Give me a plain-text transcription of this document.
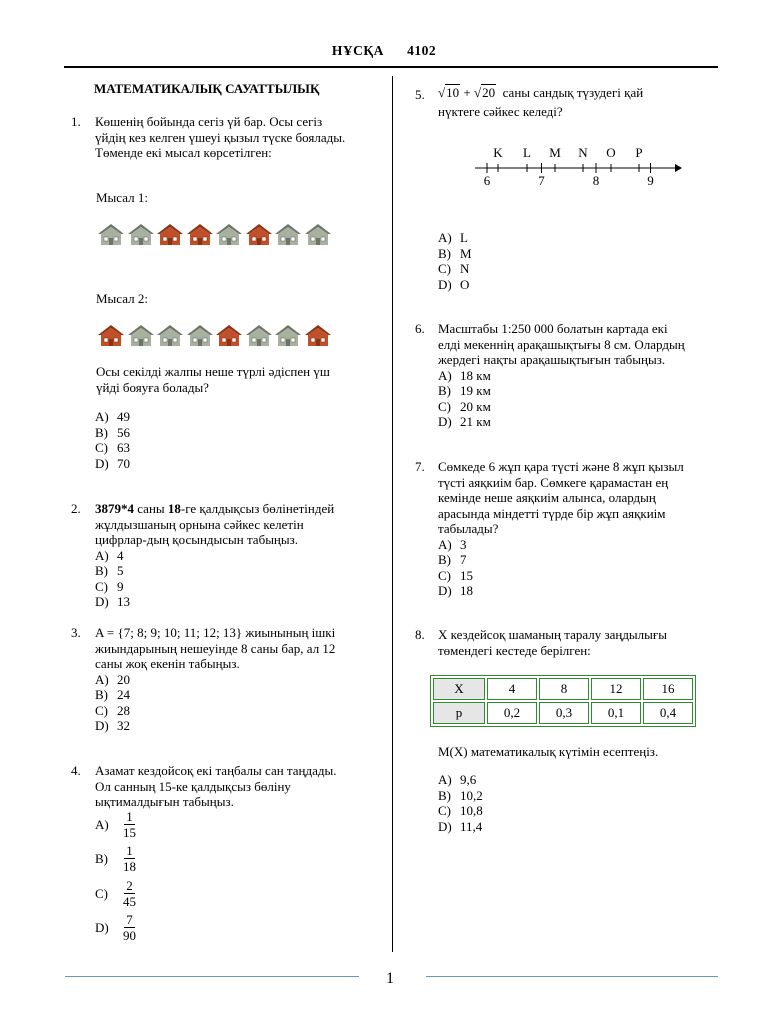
НҰСҚА 4102
МАТЕМАТИКАЛЫҚ САУАТТЫЛЫҚ
1.	Көшенің бойында сегіз үй бар. Осы сегіз
үйдің кез келген үшеуі қызыл түске боялады.
Төменде екі мысал көрсетілген:
Мысал 1:
Мысал 2:
Осы секілді жалпы неше түрлі әдіспен үш
үйді бояуға болады?
A) 49
B) 56
C) 63
D) 70
2.	3879*4 саны 18-ге қалдықсыз бөлінетіндей
жұлдызшаның орнына сәйкес келетін
цифрлар-дың қосындысын табыңыз.
A) 4
B) 5
C) 9
D) 13
3.	A = {7; 8; 9; 10; 11; 12; 13} жиынының ішкі
жиындарының нешеуінде 8 саны бар, ал 12
саны жоқ екенін табыңыз.
A) 20
B) 24
C) 28
D) 32
4.	Азамат кездойсоқ екі таңбалы сан таңдады.
Ол санның 15-ке қалдықсыз бөліну
ықтималдығын табыңыз.
$A) \frac{1}{15}$
$B) \frac{1}{18}$
$C) \frac{2}{45}$
$D) \frac{7}{90}$
5.	√10 + √20 саны сандық түзудегі қай
нүктеге сәйкес келеді?
6	7	8	9
K L M N O P
A) L
B) M
C) N
D) O
6.	Масштабы 1:250 000 болатын картада екі
елді мекеннің арақашықтығы 8 см. Олардың
жердегі нақты арақашықтығын табыңыз.
A) 18 км
B) 19 км
C) 20 км
D) 21 км
7.	Сөмкеде 6 жұп қара түсті және 8 жұп қызыл
түсті аяқкиім бар. Сөмкеге қарамастан ең
кемінде неше аяқкиім алынса, олардың
арасында міндетті түрде бір жұп аяқкиім
табылады?
A) 3
B) 7
C) 15
D) 18
8.	X кездейсоқ шаманың таралу заңдылығы
төмендегі кестеде берілген:
X	4	8	12	16
p	0,2	0,3	0,1	0,4
M(X) математикалық күтімін есептеңіз.
A) 9,6
B) 10,2
C) 10,8
D) 11,4
1
